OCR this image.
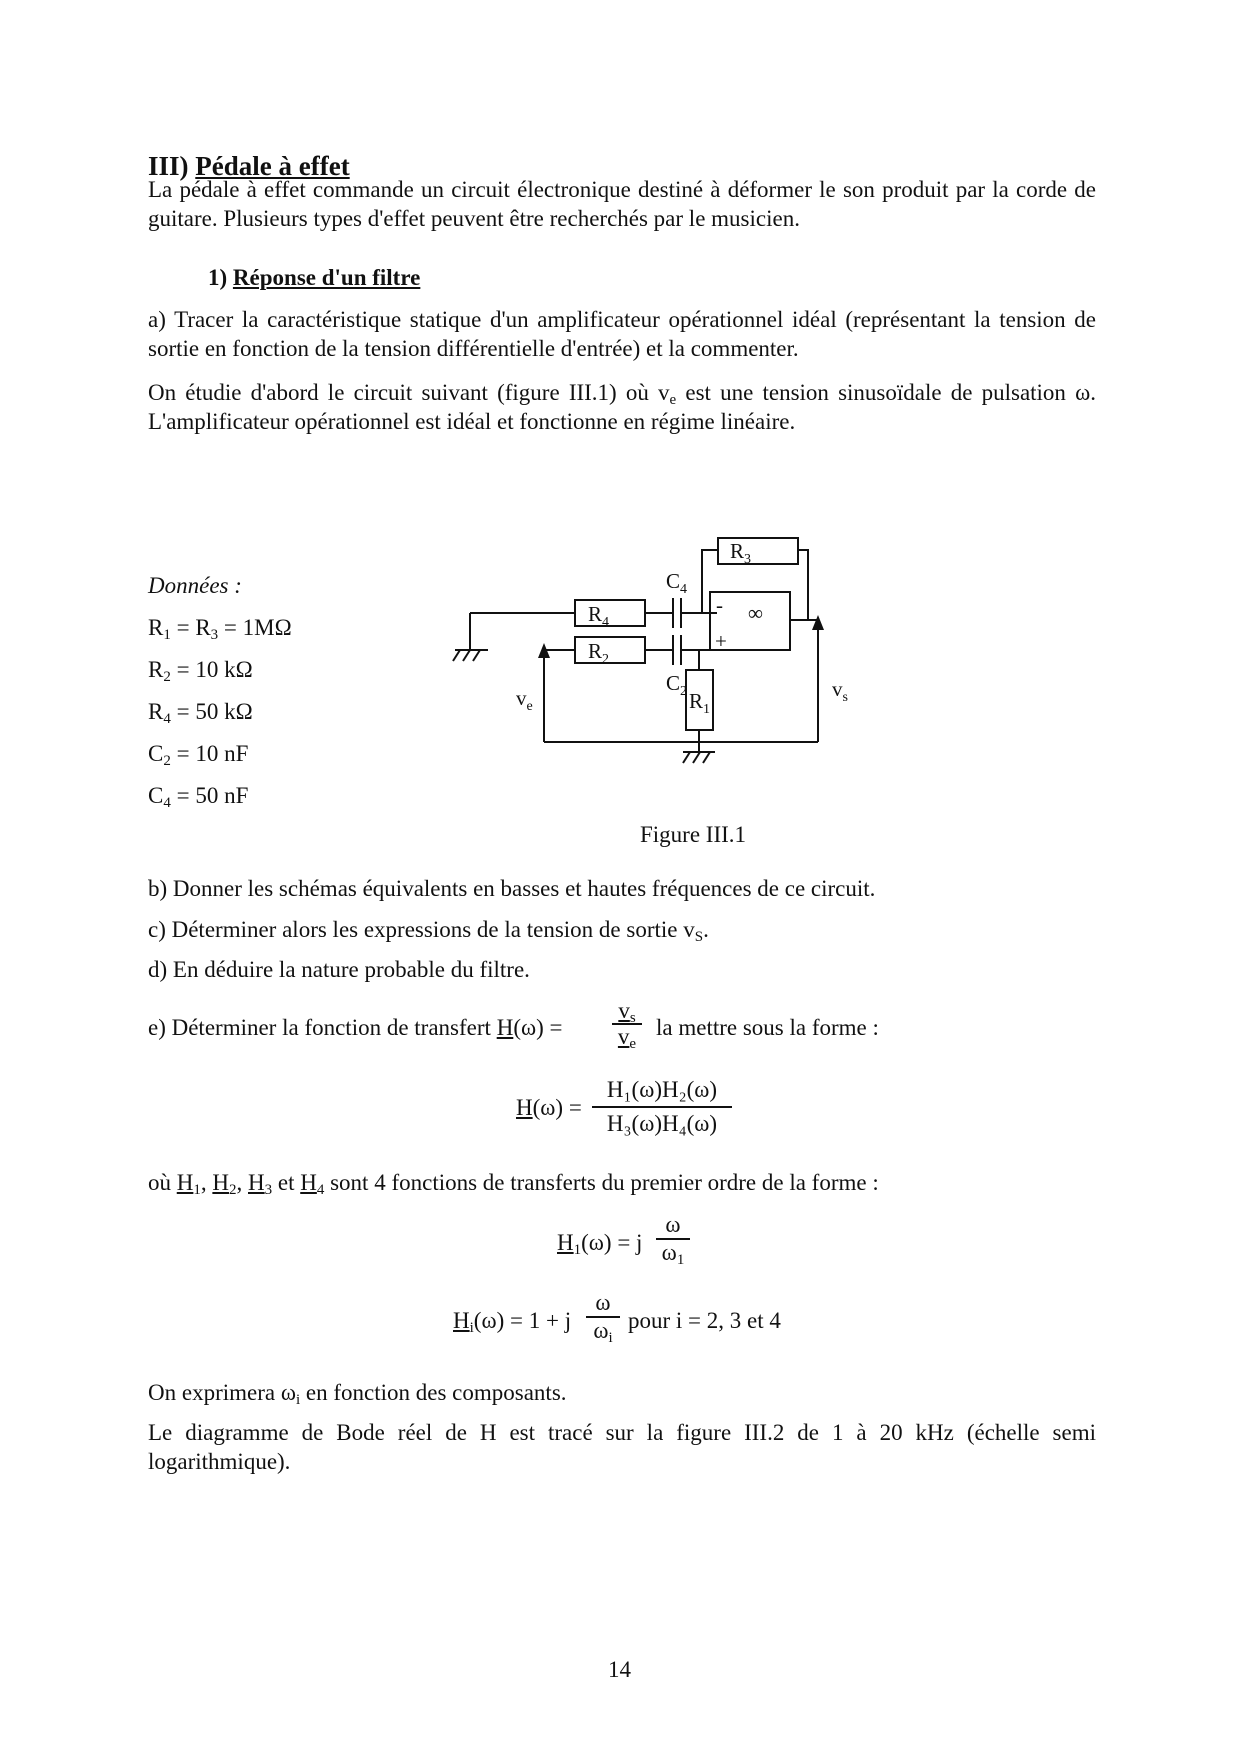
III) Pédale à effet

La pédale à effet commande un circuit électronique destiné à déformer le son produit par la corde de guitare. Plusieurs types d'effet peuvent être recherchés par le musicien.

1) Réponse d'un filtre

a) Tracer la caractéristique statique d'un amplificateur opérationnel idéal (représentant la tension de sortie en fonction de la tension différentielle d'entrée) et la commenter.

On étudie d'abord le circuit suivant (figure III.1) où $v_e$ est une tension sinusoïdale de pulsation ω. L'amplificateur opérationnel est idéal et fonctionne en régime linéaire.

Données :
$R_1 = R_3 = 1M\Omega$
$R_2 = 10$ kΩ
$R_4 = 50$ kΩ
$C_2 = 10$ nF
$C_4 = 50$ nF
$R_3$
$R_4$
$R_2$
$R_1$
$C_4$
$C_2$
-
+
∞
$v_e$
$v_s$
Figure III.1

b) Donner les schémas équivalents en basses et hautes fréquences de ce circuit.

c) Déterminer alors les expressions de la tension de sortie $v_S$.

d) En déduire la nature probable du filtre.

e) Déterminer la fonction de transfert H(ω) =
$v_s$
$v_e$
la mettre sous la forme :
H(ω) =
H₁(ω)H₂(ω)
H₃(ω)H₄(ω)
où $H_1$, $H_2$, $H_3$ et $H_4$ sont 4 fonctions de transferts du premier ordre de la forme :
$H_1(\omega) = j$
ω
$\omega_1$
$H_i(\omega) = 1 + j$
ω
$\omega_i$
pour i = 2, 3 et 4

On exprimera $\omega_i$ en fonction des composants.

Le diagramme de Bode réel de H est tracé sur la figure III.2 de 1 à 20 kHz (échelle semi logarithmique).

14
